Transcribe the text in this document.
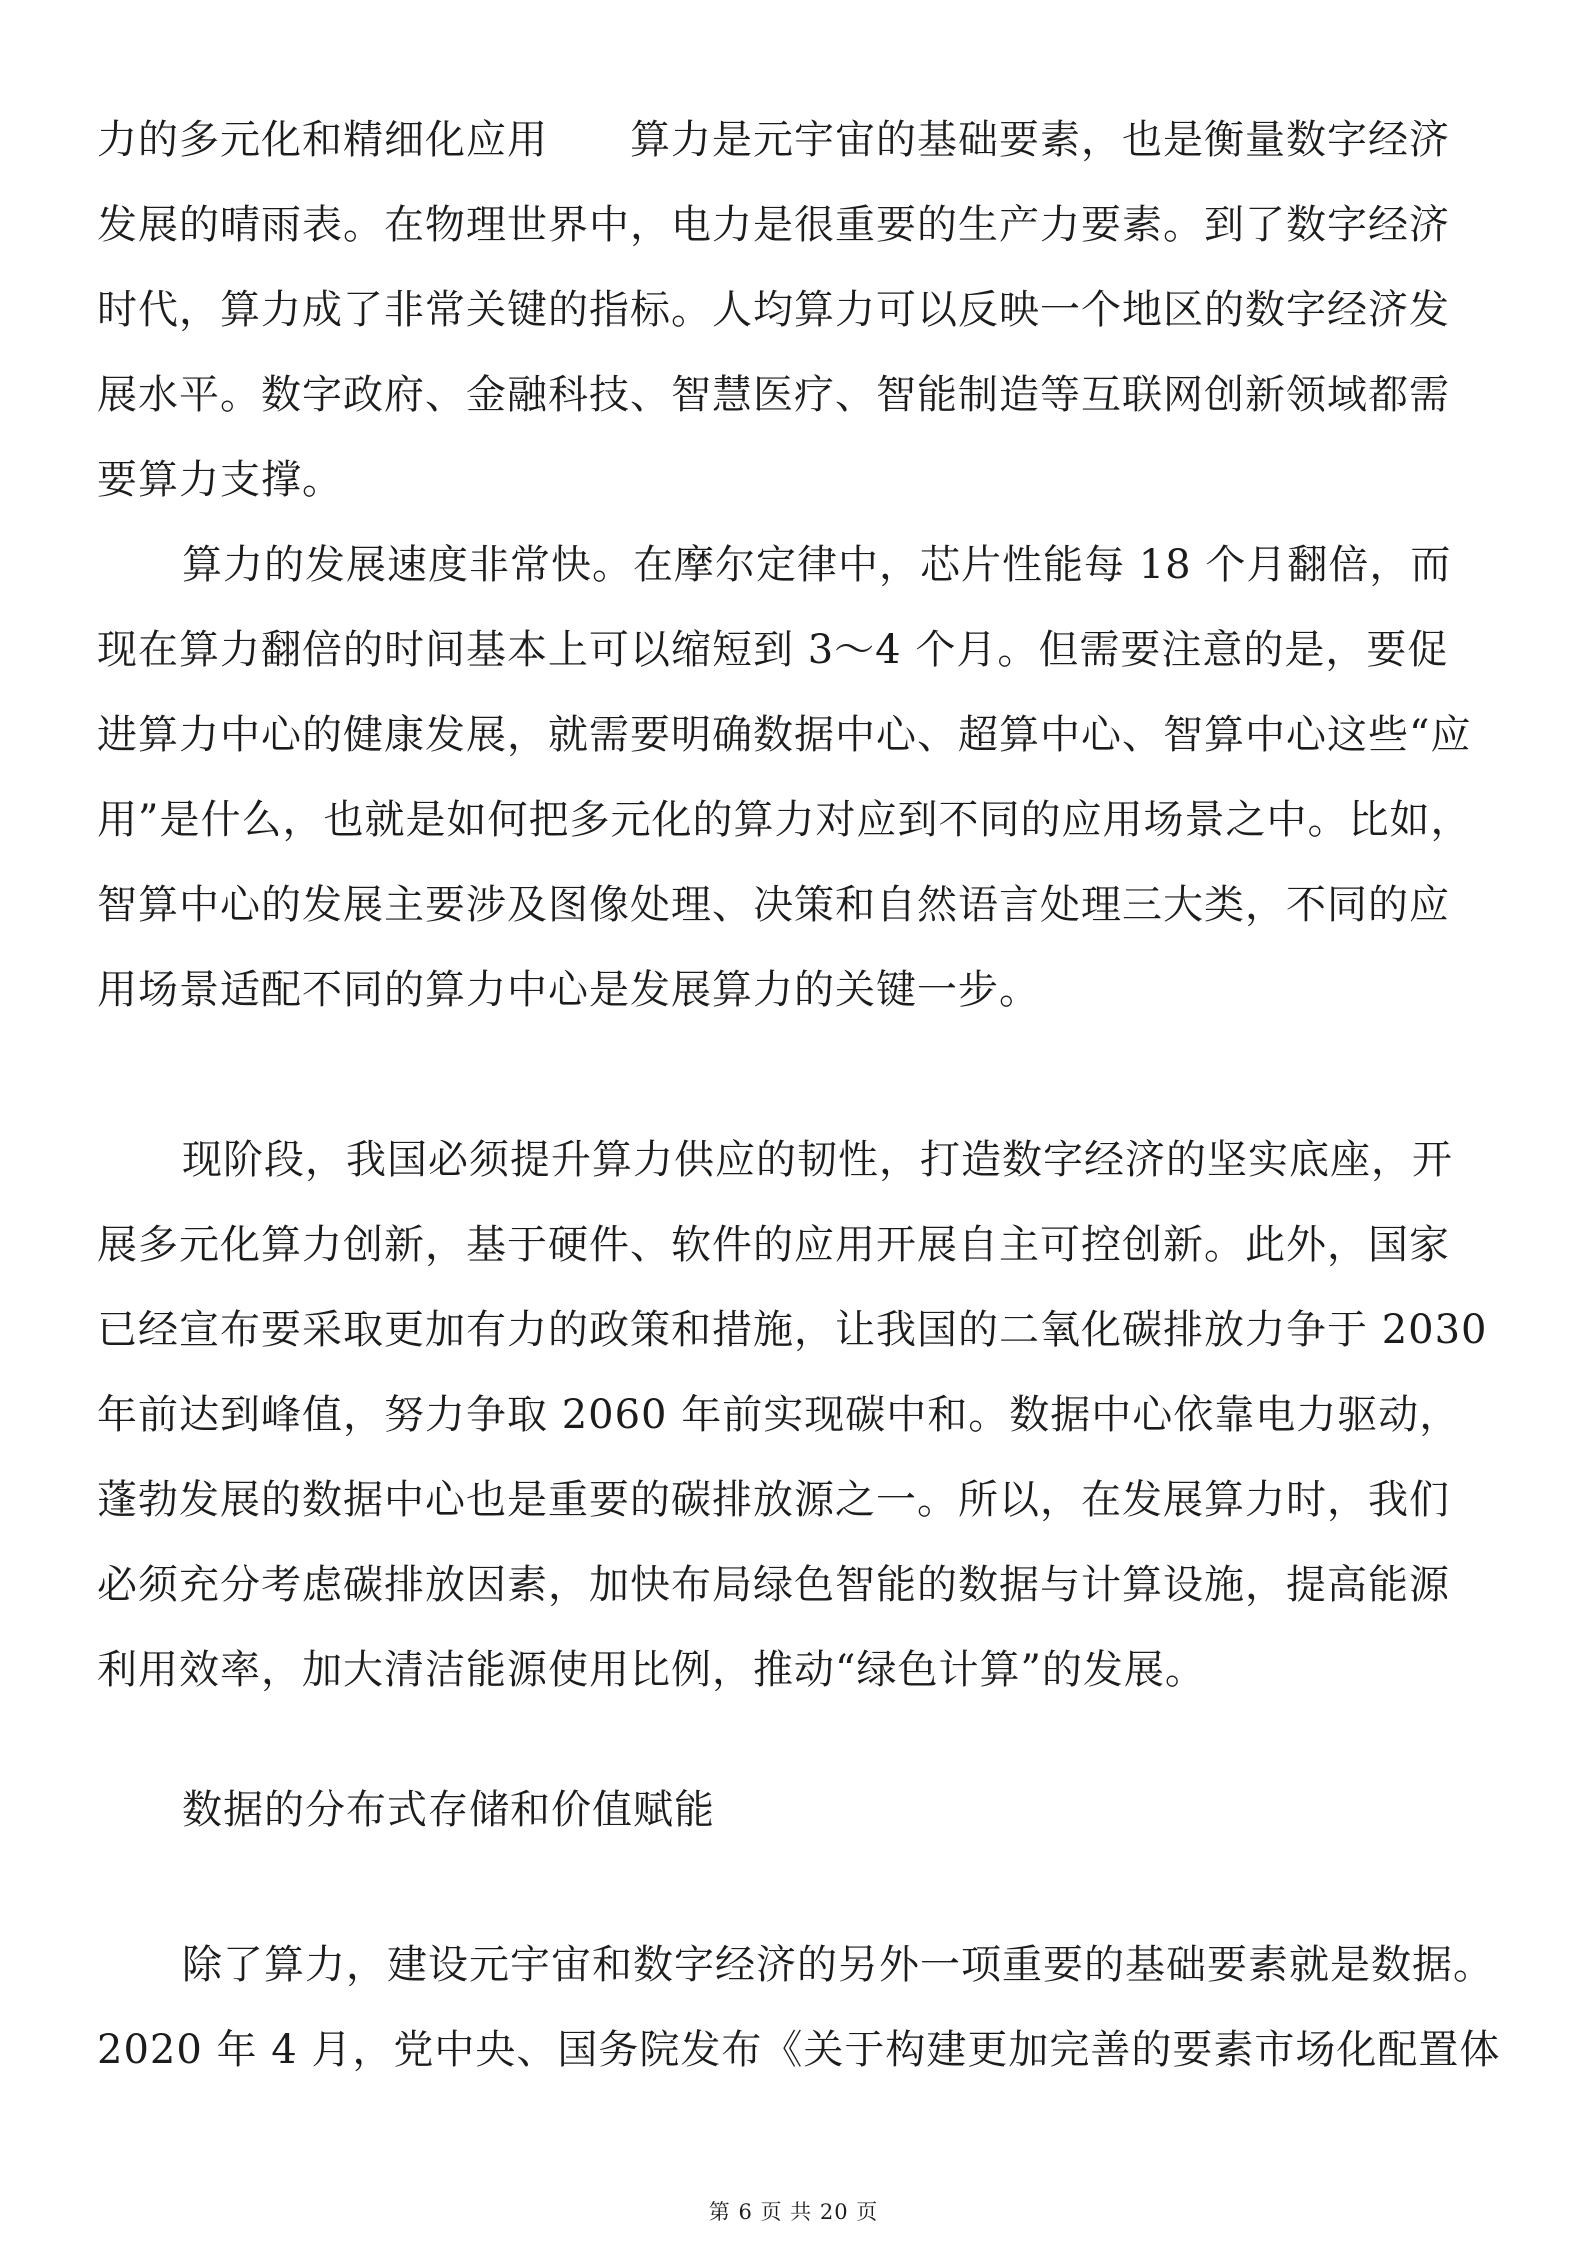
力的多元化和精细化应用　　算力是元宇宙的基础要素，也是衡量数字经济
发展的晴雨表。在物理世界中，电力是很重要的生产力要素。到了数字经济
时代，算力成了非常关键的指标。人均算力可以反映一个地区的数字经济发
展水平。数字政府、金融科技、智慧医疗、智能制造等互联网创新领域都需
要算力支撑。
算力的发展速度非常快。在摩尔定律中，芯片性能每 18 个月翻倍，而
现在算力翻倍的时间基本上可以缩短到 3～4 个月。但需要注意的是，要促
进算力中心的健康发展，就需要明确数据中心、超算中心、智算中心这些“应
用”是什么，也就是如何把多元化的算力对应到不同的应用场景之中。比如，
智算中心的发展主要涉及图像处理、决策和自然语言处理三大类，不同的应
用场景适配不同的算力中心是发展算力的关键一步。
现阶段，我国必须提升算力供应的韧性，打造数字经济的坚实底座，开
展多元化算力创新，基于硬件、软件的应用开展自主可控创新。此外，国家
已经宣布要采取更加有力的政策和措施，让我国的二氧化碳排放力争于 2030
年前达到峰值，努力争取 2060 年前实现碳中和。数据中心依靠电力驱动，
蓬勃发展的数据中心也是重要的碳排放源之一。所以，在发展算力时，我们
必须充分考虑碳排放因素，加快布局绿色智能的数据与计算设施，提高能源
利用效率，加大清洁能源使用比例，推动“绿色计算”的发展。
数据的分布式存储和价值赋能
除了算力，建设元宇宙和数字经济的另外一项重要的基础要素就是数据。
2020 年 4 月，党中央、国务院发布《关于构建更加完善的要素市场化配置体
第 6 页 共 20 页
